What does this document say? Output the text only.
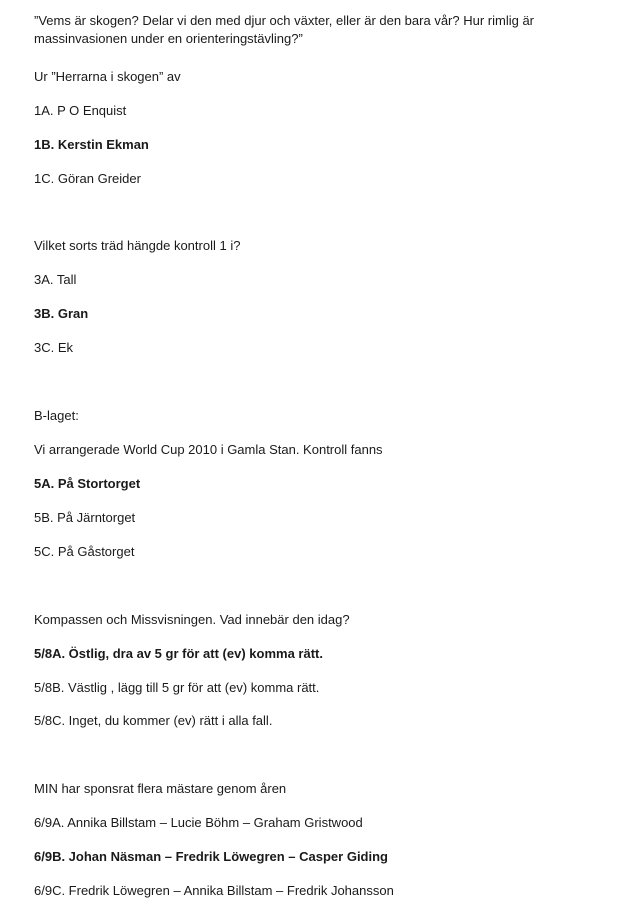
”Vems är skogen? Delar vi den med djur och växter, eller är den bara vår? Hur rimlig är massinvasionen under en orienteringstävling?”
Ur ”Herrarna i skogen” av
1A. P O Enquist
1B. Kerstin Ekman
1C. Göran Greider
Vilket sorts träd hängde kontroll 1 i?
3A. Tall
3B. Gran
3C. Ek
B-laget:
Vi arrangerade World Cup 2010 i Gamla Stan. Kontroll fanns
5A. På Stortorget
5B. På Järntorget
5C. På Gåstorget
Kompassen och Missvisningen. Vad innebär den idag?
5/8A. Östlig, dra av 5 gr för att (ev) komma rätt.
5/8B. Västlig , lägg till 5 gr för att (ev) komma rätt.
5/8C. Inget, du kommer (ev) rätt i alla fall.
MIN har sponsrat flera mästare genom åren
6/9A. Annika Billstam – Lucie Böhm – Graham Gristwood
6/9B. Johan Näsman – Fredrik Löwegren – Casper Giding
6/9C. Fredrik Löwegren – Annika Billstam – Fredrik Johansson
